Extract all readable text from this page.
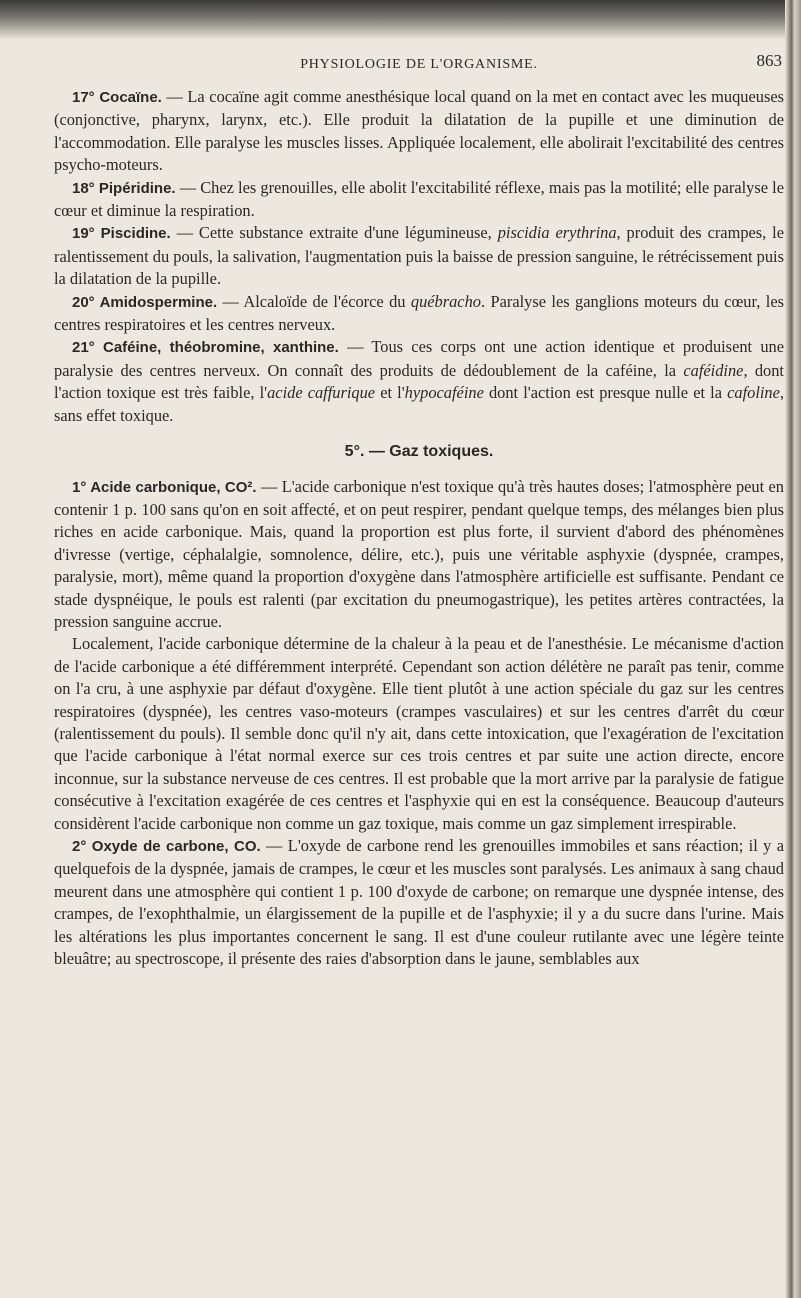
PHYSIOLOGIE DE L'ORGANISME.	863

17° Cocaïne. — La cocaïne agit comme anesthésique local quand on la met en contact avec les muqueuses (conjonctive, pharynx, larynx, etc.). Elle produit la dilatation de la pupille et une diminution de l'accommodation. Elle paralyse les muscles lisses. Appliquée localement, elle abolirait l'excitabilité des centres psycho-moteurs.

18° Pipéridine. — Chez les grenouilles, elle abolit l'excitabilité réflexe, mais pas la motilité; elle paralyse le cœur et diminue la respiration.

19° Piscidine. — Cette substance extraite d'une légumineuse, piscidia erythrina, produit des crampes, le ralentissement du pouls, la salivation, l'augmentation puis la baisse de pression sanguine, le rétrécissement puis la dilatation de la pupille.

20° Amidospermine. — Alcaloïde de l'écorce du québracho. Paralyse les ganglions moteurs du cœur, les centres respiratoires et les centres nerveux.

21° Caféine, théobromine, xanthine. — Tous ces corps ont une action identique et produisent une paralysie des centres nerveux. On connaît des produits de dédoublement de la caféine, la caféidine, dont l'action toxique est très faible, l'acide caffurique et l'hypocaféine dont l'action est presque nulle et la cafoline, sans effet toxique.

5°. — Gaz toxiques.

1° Acide carbonique, CO². — L'acide carbonique n'est toxique qu'à très hautes doses; l'atmosphère peut en contenir 1 p. 100 sans qu'on en soit affecté, et on peut respirer, pendant quelque temps, des mélanges bien plus riches en acide carbonique. Mais, quand la proportion est plus forte, il survient d'abord des phénomènes d'ivresse (vertige, céphalalgie, somnolence, délire, etc.), puis une véritable asphyxie (dyspnée, crampes, paralysie, mort), même quand la proportion d'oxygène dans l'atmosphère artificielle est suffisante. Pendant ce stade dyspnéique, le pouls est ralenti (par excitation du pneumogastrique), les petites artères contractées, la pression sanguine accrue.

Localement, l'acide carbonique détermine de la chaleur à la peau et de l'anesthésie. Le mécanisme d'action de l'acide carbonique a été différemment interprété. Cependant son action délétère ne paraît pas tenir, comme on l'a cru, à une asphyxie par défaut d'oxygène. Elle tient plutôt à une action spéciale du gaz sur les centres respiratoires (dyspnée), les centres vaso-moteurs (crampes vasculaires) et sur les centres d'arrêt du cœur (ralentissement du pouls). Il semble donc qu'il n'y ait, dans cette intoxication, que l'exagération de l'excitation que l'acide carbonique à l'état normal exerce sur ces trois centres et par suite une action directe, encore inconnue, sur la substance nerveuse de ces centres. Il est probable que la mort arrive par la paralysie de fatigue consécutive à l'excitation exagérée de ces centres et l'asphyxie qui en est la conséquence. Beaucoup d'auteurs considèrent l'acide carbonique non comme un gaz toxique, mais comme un gaz simplement irrespirable.

2° Oxyde de carbone, CO. — L'oxyde de carbone rend les grenouilles immobiles et sans réaction; il y a quelquefois de la dyspnée, jamais de crampes, le cœur et les muscles sont paralysés. Les animaux à sang chaud meurent dans une atmosphère qui contient 1 p. 100 d'oxyde de carbone; on remarque une dyspnée intense, des crampes, de l'exophthalmie, un élargissement de la pupille et de l'asphyxie; il y a du sucre dans l'urine. Mais les altérations les plus importantes concernent le sang. Il est d'une couleur rutilante avec une légère teinte bleuâtre; au spectroscope, il présente des raies d'absorption dans le jaune, semblables aux
